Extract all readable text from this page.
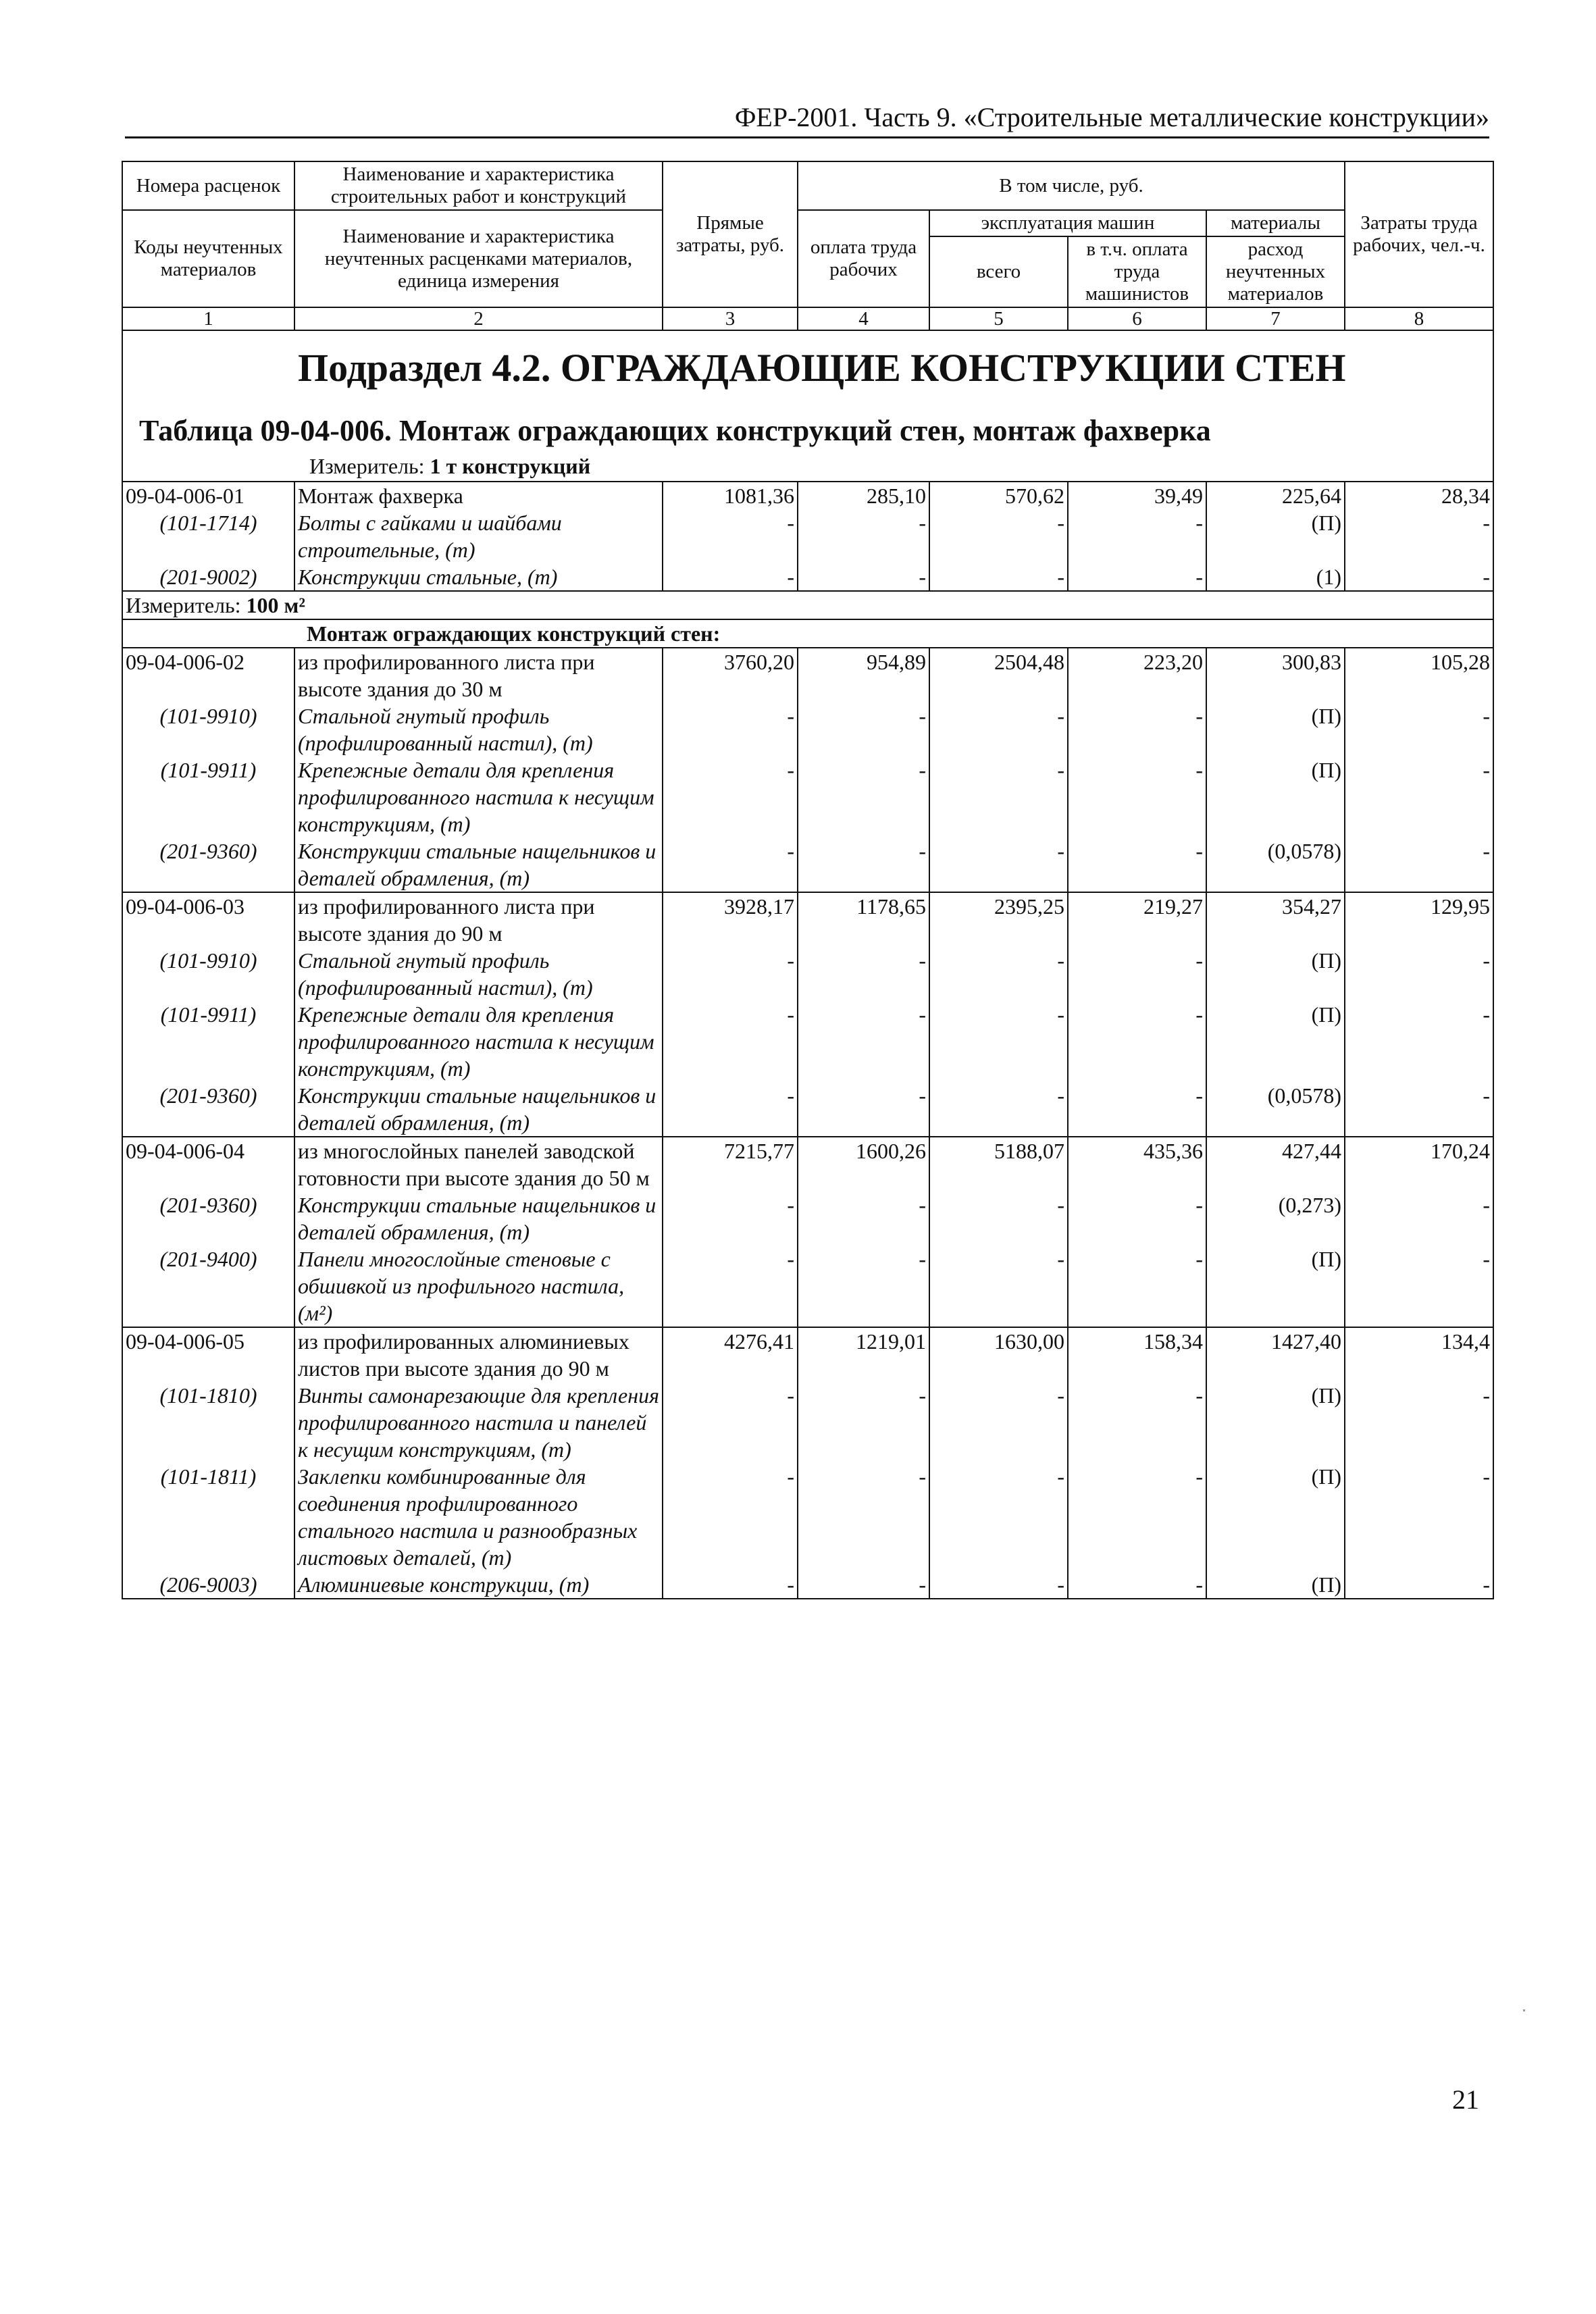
ФЕР-2001. Часть 9. «Строительные металлические конструкции»
Номера расценок	Наименование и характеристика строительных работ и конструкций	Прямые затраты, руб.	В том числе, руб.				Затраты труда рабочих, чел.-ч.
Коды неучтенных материалов	Наименование и характеристика неучтенных расценками материалов, единица измерения		оплата труда рабочих	эксплуатация машин		материалы	
				всего	в т.ч. оплата труда машинистов	расход неучтенных материалов	
1	2	3	4	5	6	7	8

Подраздел 4.2. ОГРАЖДАЮЩИЕ КОНСТРУКЦИИ СТЕН
Таблица 09-04-006. Монтаж ограждающих конструкций стен, монтаж фахверка
Измеритель: 1 т конструкций							

09-04-006-01	Монтаж фахверка	1081,36	285,10	570,62	39,49	225,64	28,34
(101-1714)	Болты с гайками и шайбами строительные, (т)	-	-	-	-	(П)	-
(201-9002)	Конструкции стальные, (т)	-	-	-	-	(1)	-
Измеритель: 100 м²							
Монтаж ограждающих конструкций стен:							
09-04-006-02	из профилированного листа при высоте здания до 30 м	3760,20	954,89	2504,48	223,20	300,83	105,28
(101-9910)	Стальной гнутый профиль (профилированный настил), (т)	-	-	-	-	(П)	-
(101-9911)	Крепежные детали для крепления профилированного настила к несущим конструкциям, (т)	-	-	-	-	(П)	-
(201-9360)	Конструкции стальные нащельников и деталей обрамления, (т)	-	-	-	-	(0,0578)	-
09-04-006-03	из профилированного листа при высоте здания до 90 м	3928,17	1178,65	2395,25	219,27	354,27	129,95
(101-9910)	Стальной гнутый профиль (профилированный настил), (т)	-	-	-	-	(П)	-
(101-9911)	Крепежные детали для крепления профилированного настила к несущим конструкциям, (т)	-	-	-	-	(П)	-
(201-9360)	Конструкции стальные нащельников и деталей обрамления, (т)	-	-	-	-	(0,0578)	-
09-04-006-04	из многослойных панелей заводской готовности при высоте здания до 50 м	7215,77	1600,26	5188,07	435,36	427,44	170,24
(201-9360)	Конструкции стальные нащельников и деталей обрамления, (т)	-	-	-	-	(0,273)	-
(201-9400)	Панели многослойные стеновые с обшивкой из профильного настила, (м²)	-	-	-	-	(П)	-
09-04-006-05	из профилированных алюминиевых листов при высоте здания до 90 м	4276,41	1219,01	1630,00	158,34	1427,40	134,4
(101-1810)	Винты самонарезающие для крепления профилированного настила и панелей к несущим конструкциям, (т)	-	-	-	-	(П)	-
(101-1811)	Заклепки комбинированные для соединения профилированного стального настила и разнообразных листовых деталей, (т)	-	-	-	-	(П)	-
(206-9003)	Алюминиевые конструкции, (т)	-	-	-	-	(П)	-
21
